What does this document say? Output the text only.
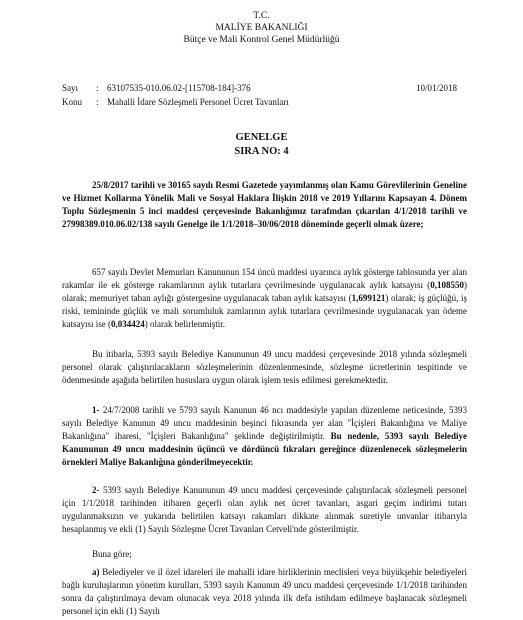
T.C.
MALİYE BAKANLIĞI
Bütçe ve Mali Kontrol Genel Müdürlüğü
Sayı : 63107535-010.06.02-[115708-184]-376	10/01/2018
Konu : Mahalli İdare Sözleşmeli Personel Ücret Tavanları
GENELGE
SIRA NO: 4

25/8/2017 tarihli ve 30165 sayılı Resmi Gazetede yayımlanmış olan Kamu Görevlilerinin Geneline ve Hizmet Kollarına Yönelik Mali ve Sosyal Haklara İlişkin 2018 ve 2019 Yıllarını Kapsayan 4. Dönem Toplu Sözleşmenin 5 inci maddesi çerçevesinde Bakanlığımız tarafından çıkarılan 4/1/2018 tarihli ve 27998389.010.06.02/138 sayılı Genelge ile 1/1/2018–30/06/2018 döneminde geçerli olmak üzere;

657 sayılı Devlet Memurları Kanununun 154 üncü maddesi uyarınca aylık gösterge tablosunda yer alan rakamlar ile ek gösterge rakamlarının aylık tutarlara çevrilmesinde uygulanacak aylık katsayısı (0,108550) olarak; memuriyet taban aylığı göstergesine uygulanacak taban aylık katsayısı (1,699121) olarak; iş güçlüğü, iş riski, temininde güçlük ve mali sorumluluk zamlarının aylık tutarlara çevrilmesinde uygulanacak yan ödeme katsayısı ise (0,034424) olarak belirlenmiştir.

Bu itibarla, 5393 sayılı Belediye Kanununun 49 uncu maddesi çerçevesinde 2018 yılında sözleşmeli personel olarak çalıştırılacakların sözleşmelerinin düzenlenmesinde, sözleşme ücretlerinin tespitinde ve ödenmesinde aşağıda belirtilen hususlara uygun olarak işlem tesis edilmesi gerekmektedir.

1- 24/7/2008 tarihli ve 5793 sayılı Kanunun 46 ncı maddesiyle yapılan düzenleme neticesinde, 5393 sayılı Belediye Kanunun 49 uncu maddesinin beşinci fıkrasında yer alan "İçişleri Bakanlığına ve Maliye Bakanlığına" ibaresi, "İçişleri Bakanlığına" şeklinde değiştirilmiştir. Bu nedenle, 5393 sayılı Belediye Kanununun 49 uncu maddesinin üçüncü ve dördüncü fıkraları gereğince düzenlenecek sözleşmelerin örnekleri Maliye Bakanlığına gönderilmeyecektir.

2- 5393 sayılı Belediye Kanununun 49 uncu maddesi çerçevesinde çalıştırılacak sözleşmeli personel için 1/1/2018 tarihinden itibaren geçerli olan aylık net ücret tavanları, asgari geçim indirimi tutarı uygulanmaksızın ve yukarıda belirtilen katsayı rakamları dikkate alınmak suretiyle unvanlar itibarıyla hesaplanmış ve ekli (1) Sayılı Sözleşme Ücret Tavanları Cetveli'nde gösterilmiştir.

Buna göre;

a) Belediyeler ve il özel idareleri ile mahalli idare birliklerinin meclisleri veya büyükşehir belediyeleri bağlı kuruluşlarının yönetim kurulları, 5393 sayılı Kanunun 49 uncu maddesi çerçevesinde 1/1/2018 tarihinden sonra da çalıştırılmaya devam olunacak veya 2018 yılında ilk defa istihdam edilmeye başlanacak sözleşmeli personel için ekli (1) Sayılı
